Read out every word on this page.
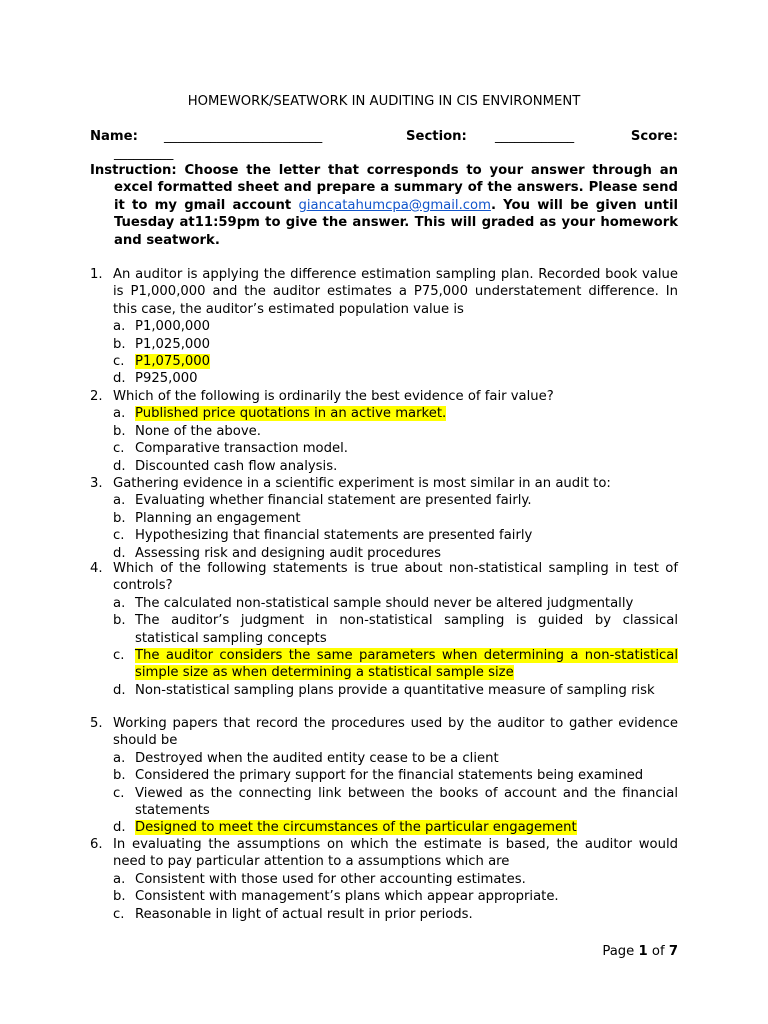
HOMEWORK/SEATWORK IN AUDITING IN CIS ENVIRONMENT
Name: ________________________	Section: ____________	Score:
_________
Instruction: Choose the letter that corresponds to your answer through an excel formatted sheet and prepare a summary of the answers. Please send it to my gmail account giancatahumcpa@gmail.com. You will be given until Tuesday at11:59pm to give the answer. This will graded as your homework and seatwork.
1. An auditor is applying the difference estimation sampling plan. Recorded book value is P1,000,000 and the auditor estimates a P75,000 understatement difference. In this case, the auditor’s estimated population value is
a. P1,000,000
b. P1,025,000
c. P1,075,000
d. P925,000
2. Which of the following is ordinarily the best evidence of fair value?
a. Published price quotations in an active market.
b. None of the above.
c. Comparative transaction model.
d. Discounted cash flow analysis.
3. Gathering evidence in a scientific experiment is most similar in an audit to:
a. Evaluating whether financial statement are presented fairly.
b. Planning an engagement
c. Hypothesizing that financial statements are presented fairly
d. Assessing risk and designing audit procedures
4. Which of the following statements is true about non-statistical sampling in test of controls?
a. The calculated non-statistical sample should never be altered judgmentally
b. The auditor’s judgment in non-statistical sampling is guided by classical statistical sampling concepts
c. The auditor considers the same parameters when determining a non-statistical simple size as when determining a statistical sample size
d. Non-statistical sampling plans provide a quantitative measure of sampling risk
5. Working papers that record the procedures used by the auditor to gather evidence should be
a. Destroyed when the audited entity cease to be a client
b. Considered the primary support for the financial statements being examined
c. Viewed as the connecting link between the books of account and the financial statements
d. Designed to meet the circumstances of the particular engagement
6. In evaluating the assumptions on which the estimate is based, the auditor would need to pay particular attention to a assumptions which are
a. Consistent with those used for other accounting estimates.
b. Consistent with management’s plans which appear appropriate.
c. Reasonable in light of actual result in prior periods.
Page 1 of 7
